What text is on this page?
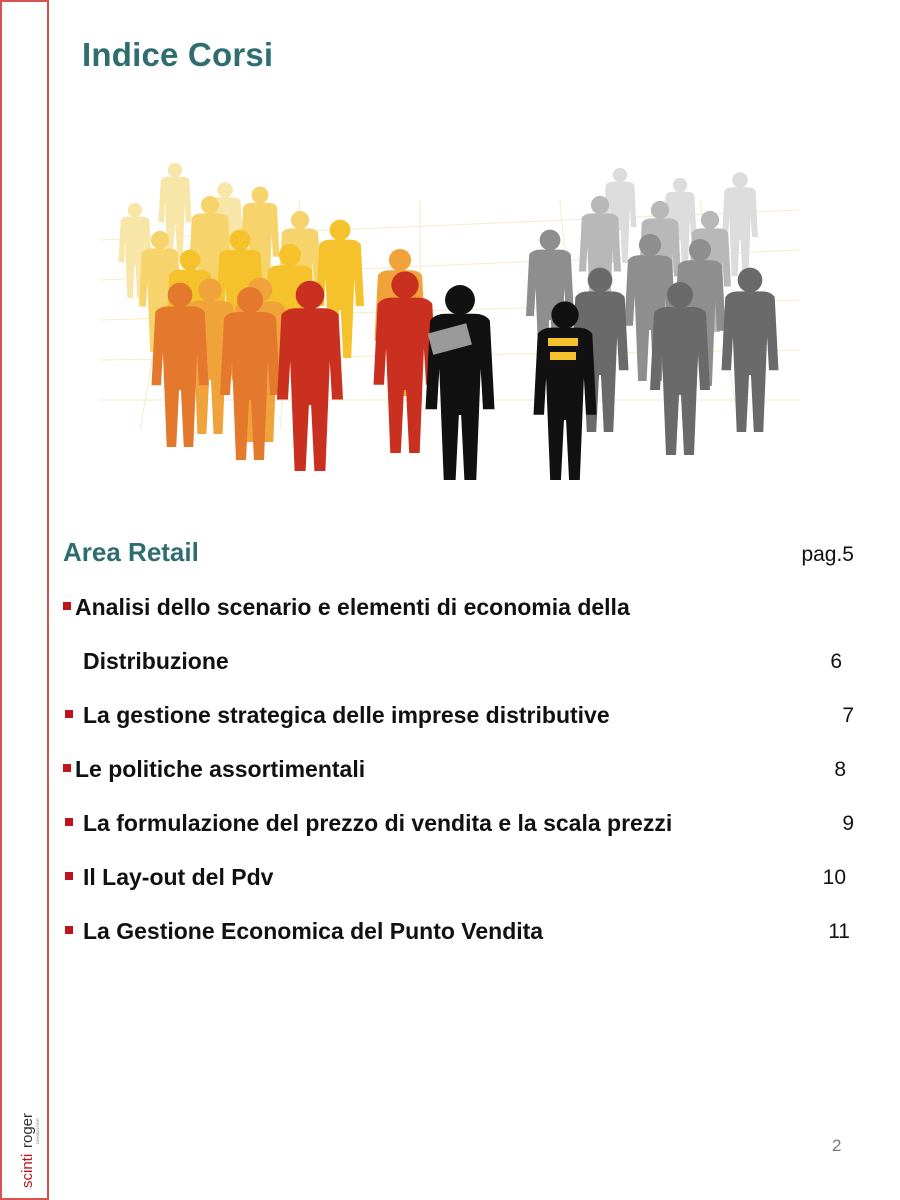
scinti
roger CONSULTING
Indice Corsi
Area Retail	pag.5
Analisi dello scenario e elementi di economia della
Distribuzione	6
La gestione strategica delle imprese distributive	7
Le politiche assortimentali	8
La formulazione del prezzo di vendita e la scala prezzi	9
Il Lay-out del Pdv	10
La Gestione Economica del Punto Vendita	11
2
